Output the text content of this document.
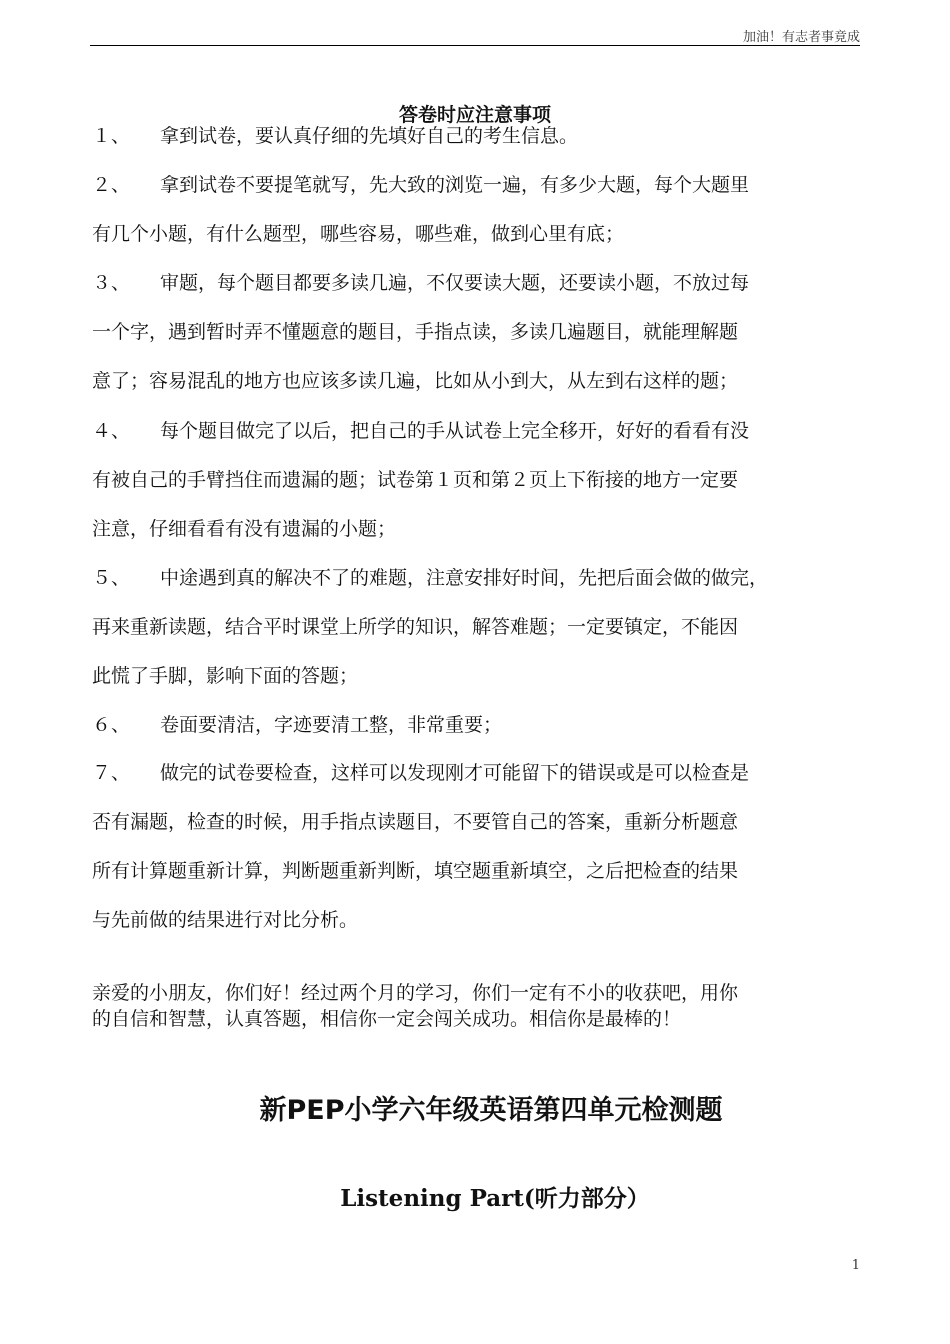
加油！有志者事竟成
答卷时应注意事项
１、 拿到试卷，要认真仔细的先填好自己的考生信息。
２、 拿到试卷不要提笔就写，先大致的浏览一遍，有多少大题，每个大题里
有几个小题，有什么题型，哪些容易，哪些难，做到心里有底；
３、 审题，每个题目都要多读几遍，不仅要读大题，还要读小题，不放过每
一个字，遇到暂时弄不懂题意的题目，手指点读，多读几遍题目，就能理解题
意了；容易混乱的地方也应该多读几遍，比如从小到大，从左到右这样的题；
４、 每个题目做完了以后，把自己的手从试卷上完全移开，好好的看看有没
有被自己的手臂挡住而遗漏的题；试卷第１页和第２页上下衔接的地方一定要
注意，仔细看看有没有遗漏的小题；
５、 中途遇到真的解决不了的难题，注意安排好时间，先把后面会做的做完，
再来重新读题，结合平时课堂上所学的知识，解答难题；一定要镇定，不能因
此慌了手脚，影响下面的答题；
６、 卷面要清洁，字迹要清工整，非常重要；
７、 做完的试卷要检查，这样可以发现刚才可能留下的错误或是可以检查是
否有漏题，检查的时候，用手指点读题目，不要管自己的答案，重新分析题意
所有计算题重新计算，判断题重新判断，填空题重新填空，之后把检查的结果
与先前做的结果进行对比分析。
亲爱的小朋友，你们好！经过两个月的学习，你们一定有不小的收获吧，用你
的自信和智慧，认真答题，相信你一定会闯关成功。相信你是最棒的！
新PEP小学六年级英语第四单元检测题
Listening Part(听力部分）
1
